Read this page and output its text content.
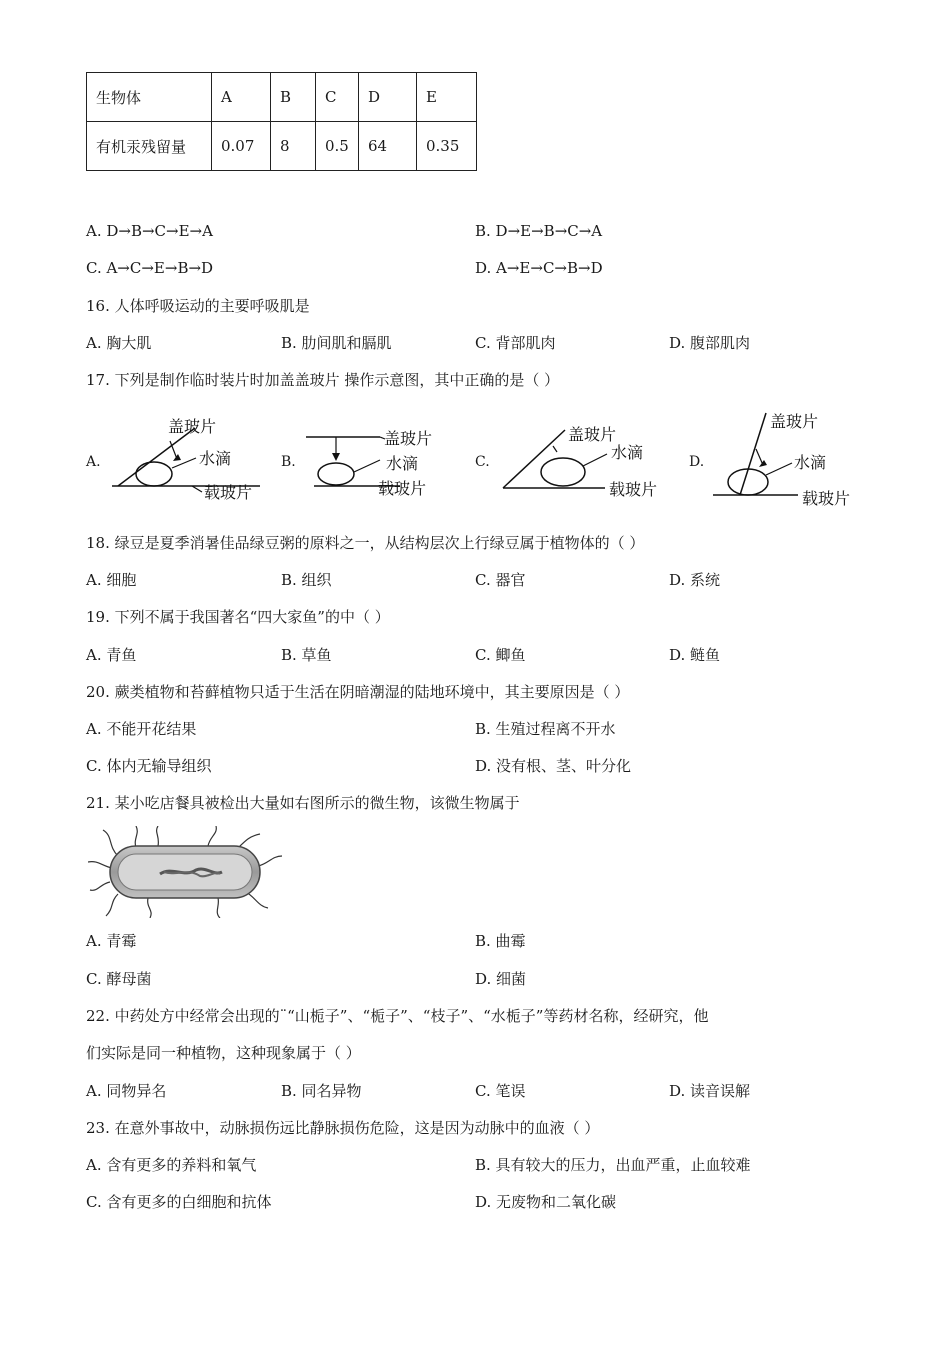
生物体	A	B	C	D	E
有机汞残留量	0.07	8	0.5	64	0.35
A. D→B→C→E→A	B. D→E→B→C→A
C. A→C→E→B→D	D. A→E→C→B→D
16. 人体呼吸运动的主要呼吸肌是
A. 胸大肌	B. 肋间肌和膈肌	C. 背部肌肉	D. 腹部肌肉
17. 下列是制作临时装片时加盖盖玻片 操作示意图，其中正确的是（ ）
A.
盖玻片
水滴
载玻片
B.
盖玻片
水滴
载玻片
C.
盖玻片
水滴
载玻片
D.
盖玻片
水滴
载玻片
18. 绿豆是夏季消暑佳品绿豆粥的原料之一，从结构层次上行绿豆属于植物体的（ ）
A. 细胞	B. 组织	C. 器官	D. 系统
19. 下列不属于我国著名“四大家鱼”的中（ ）
A. 青鱼	B. 草鱼	C. 鲫鱼	D. 鲢鱼
20. 蕨类植物和苔藓植物只适于生活在阴暗潮湿的陆地环境中，其主要原因是（ ）
A. 不能开花结果	B. 生殖过程离不开水
C. 体内无输导组织	D. 没有根、茎、叶分化
21. 某小吃店餐具被检出大量如右图所示的微生物，该微生物属于
A. 青霉	B. 曲霉
C. 酵母菌	D. 细菌
22. 中药处方中经常会出现的¨“山栀子”、“栀子”、“枝子”、“水栀子”等药材名称，经研究，他
们实际是同一种植物，这种现象属于（ ）
A. 同物异名	B. 同名异物	C. 笔误	D. 读音误解
23. 在意外事故中，动脉损伤远比静脉损伤危险，这是因为动脉中的血液（ ）
A. 含有更多的养料和氧气	B. 具有较大的压力，出血严重，止血较难
C. 含有更多的白细胞和抗体	D. 无废物和二氧化碳
